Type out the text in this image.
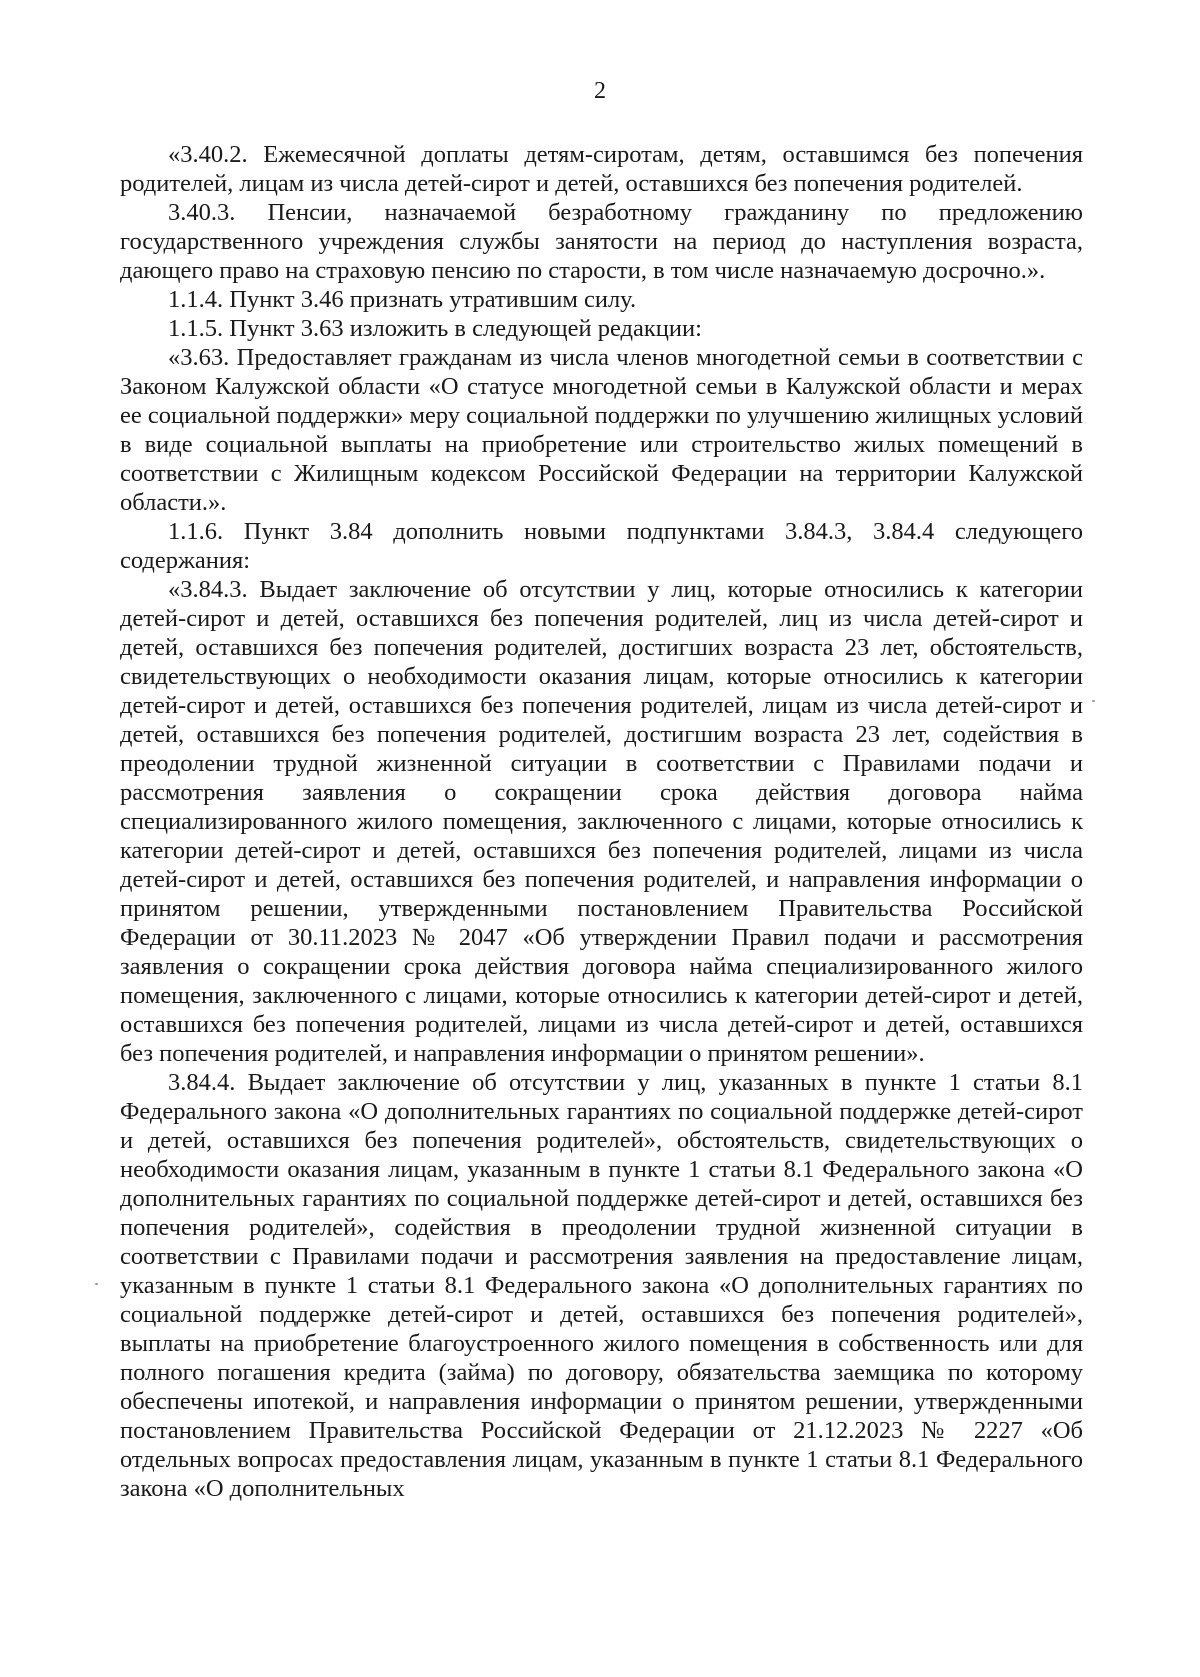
2

«3.40.2. Ежемесячной доплаты детям-сиротам, детям, оставшимся без попечения родителей, лицам из числа детей-сирот и детей, оставшихся без попечения родителей.

3.40.3. Пенсии, назначаемой безработному гражданину по предложению государственного учреждения службы занятости на период до наступления возраста, дающего право на страховую пенсию по старости, в том числе назначаемую досрочно.».

1.1.4. Пункт 3.46 признать утратившим силу.

1.1.5. Пункт 3.63 изложить в следующей редакции:

«3.63. Предоставляет гражданам из числа членов многодетной семьи в соответствии с Законом Калужской области «О статусе многодетной семьи в Калужской области и мерах ее социальной поддержки» меру социальной поддержки по улучшению жилищных условий в виде социальной выплаты на приобретение или строительство жилых помещений в соответствии с Жилищным кодексом Российской Федерации на территории Калужской области.».

1.1.6. Пункт 3.84 дополнить новыми подпунктами 3.84.3, 3.84.4 следующего содержания:

«3.84.3. Выдает заключение об отсутствии у лиц, которые относились к категории детей-сирот и детей, оставшихся без попечения родителей, лиц из числа детей-сирот и детей, оставшихся без попечения родителей, достигших возраста 23 лет, обстоятельств, свидетельствующих о необходимости оказания лицам, которые относились к категории детей-сирот и детей, оставшихся без попечения родителей, лицам из числа детей-сирот и детей, оставшихся без попечения родителей, достигшим возраста 23 лет, содействия в преодолении трудной жизненной ситуации в соответствии с Правилами подачи и рассмотрения заявления о сокращении срока действия договора найма специализированного жилого помещения, заключенного с лицами, которые относились к категории детей-сирот и детей, оставшихся без попечения родителей, лицами из числа детей-сирот и детей, оставшихся без попечения родителей, и направления информации о принятом решении, утвержденными постановлением Правительства Российской Федерации от 30.11.2023 № 2047 «Об утверждении Правил подачи и рассмотрения заявления о сокращении срока действия договора найма специализированного жилого помещения, заключенного с лицами, которые относились к категории детей-сирот и детей, оставшихся без попечения родителей, лицами из числа детей-сирот и детей, оставшихся без попечения родителей, и направления информации о принятом решении».

3.84.4. Выдает заключение об отсутствии у лиц, указанных в пункте 1 статьи 8.1 Федерального закона «О дополнительных гарантиях по социальной поддержке детей-сирот и детей, оставшихся без попечения родителей», обстоятельств, свидетельствующих о необходимости оказания лицам, указанным в пункте 1 статьи 8.1 Федерального закона «О дополнительных гарантиях по социальной поддержке детей-сирот и детей, оставшихся без попечения родителей», содействия в преодолении трудной жизненной ситуации в соответствии с Правилами подачи и рассмотрения заявления на предоставление лицам, указанным в пункте 1 статьи 8.1 Федерального закона «О дополнительных гарантиях по социальной поддержке детей-сирот и детей, оставшихся без попечения родителей», выплаты на приобретение благоустроенного жилого помещения в собственность или для полного погашения кредита (займа) по договору, обязательства заемщика по которому обеспечены ипотекой, и направления информации о принятом решении, утвержденными постановлением Правительства Российской Федерации от 21.12.2023 № 2227 «Об отдельных вопросах предоставления лицам, указанным в пункте 1 статьи 8.1 Федерального закона «О дополнительных
